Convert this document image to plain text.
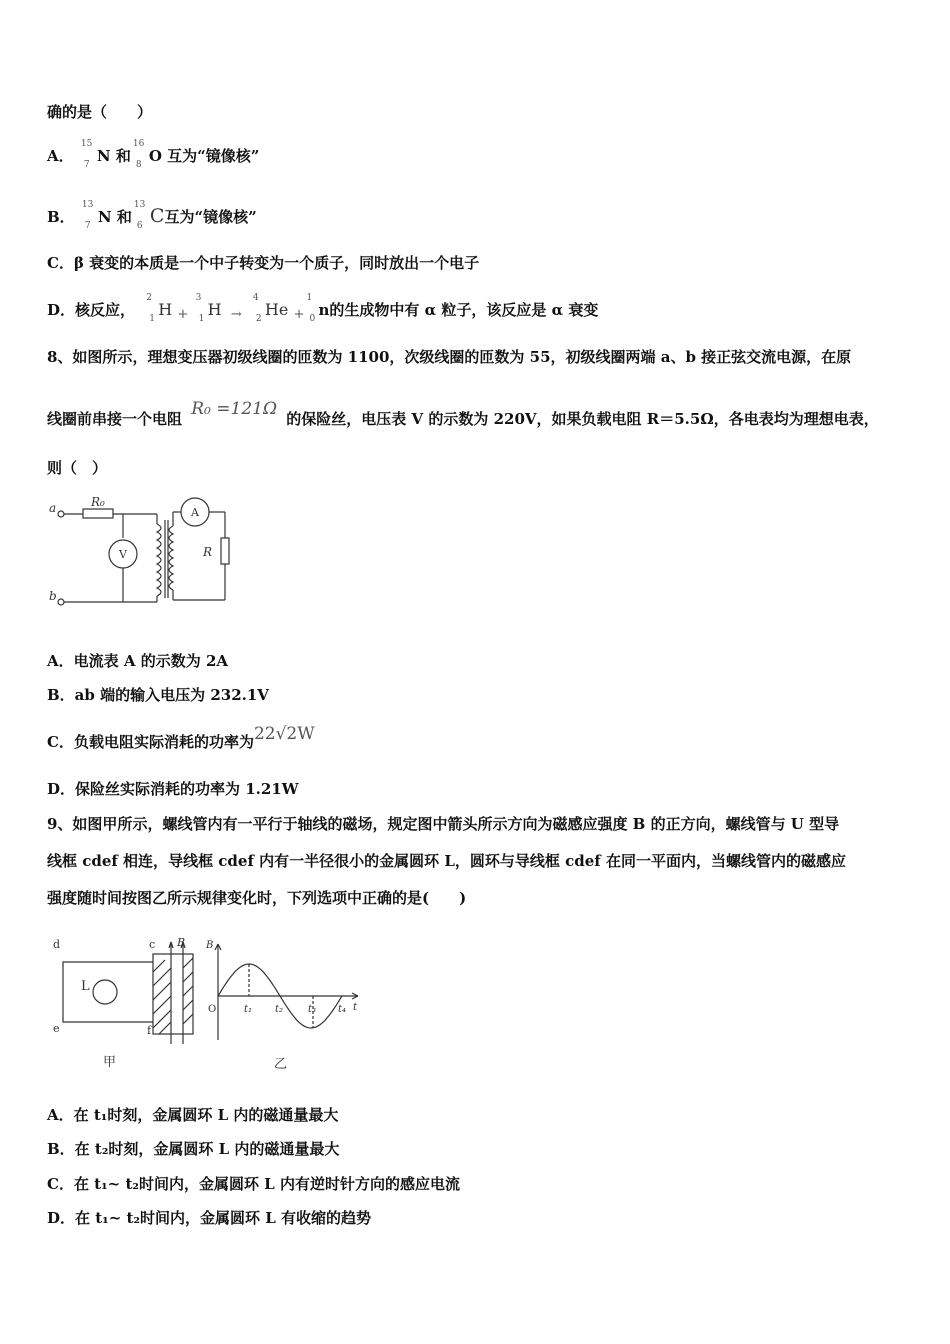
确的是（　　）
A．
15
7 N 和
16
8 O 互为“镜像核”
B．
13
7 N 和
13
6 C互为“镜像核”
C．β 衰变的本质是一个中子转变为一个质子，同时放出一个电子
D．核反应，
2
1 H +
3
1 H →
4
2 He +
1
0 n的生成物中有 α 粒子，该反应是 α 衰变
8、如图所示，理想变压器初级线圈的匝数为 1100，次级线圈的匝数为 55，初级线圈两端 a、b 接正弦交流电源，在原
线圈前串接一个电阻 R₀ =121Ω 的保险丝，电压表 V 的示数为 220V，如果负载电阻 R＝5.5Ω，各电表均为理想电表，
则（　）
a
b
R₀
R
V
A
A．电流表 A 的示数为 2A
B．ab 端的输入电压为 232.1V
C．负载电阻实际消耗的功率为22√2W
D．保险丝实际消耗的功率为 1.21W
9、如图甲所示，螺线管内有一平行于轴线的磁场，规定图中箭头所示方向为磁感应强度 B 的正方向，螺线管与 U 型导
线框 cdef 相连，导线框 cdef 内有一半径很小的金属圆环 L，圆环与导线框 cdef 在同一平面内，当螺线管内的磁感应
强度随时间按图乙所示规律变化时，下列选项中正确的是(　　)
d	c
e	f
L
B
甲
B
O	t₁ t₂ t₃ t₄ t
乙
A．在 t₁时刻，金属圆环 L 内的磁通量最大
B．在 t₂时刻，金属圆环 L 内的磁通量最大
C．在 t₁~ t₂时间内，金属圆环 L 内有逆时针方向的感应电流
D．在 t₁~ t₂时间内，金属圆环 L 有收缩的趋势
